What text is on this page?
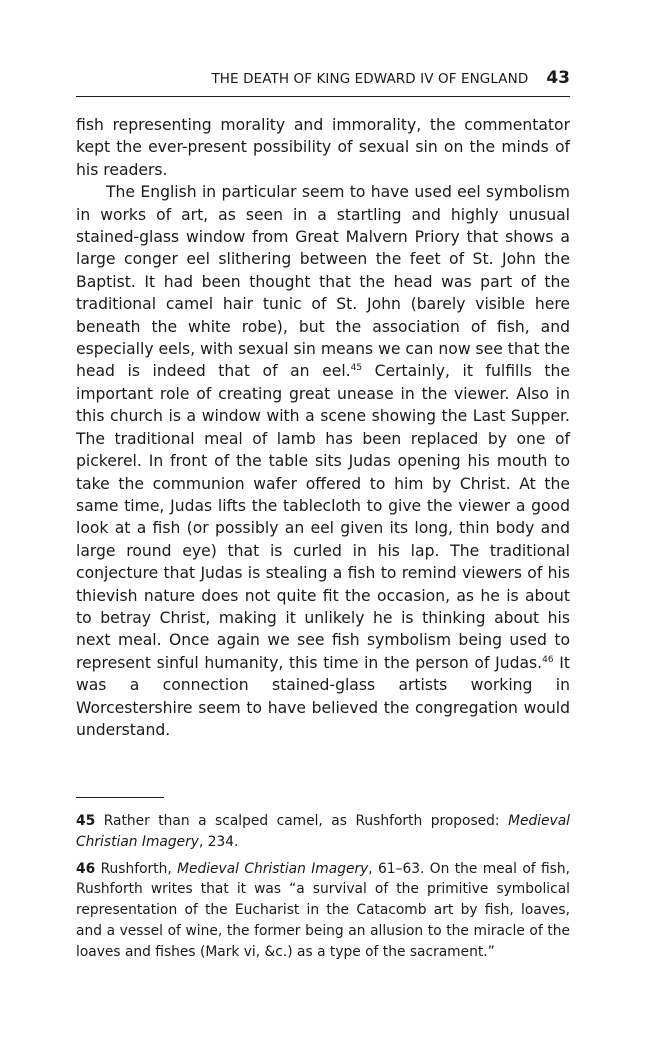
THE DEATH OF KING EDWARD IV OF ENGLAND 43

fish representing morality and immorality, the commentator kept the ever-present possibility of sexual sin on the minds of his readers.

The English in particular seem to have used eel symbolism in works of art, as seen in a startling and highly unusual stained-glass window from Great Malvern Priory that shows a large conger eel slithering between the feet of St. John the Baptist. It had been thought that the head was part of the traditional camel hair tunic of St. John (barely visible here beneath the white robe), but the association of fish, and especially eels, with sexual sin means we can now see that the head is indeed that of an eel.$^{45}$ Certainly, it fulfills the important role of creating great unease in the viewer. Also in this church is a window with a scene showing the Last Supper. The traditional meal of lamb has been replaced by one of pickerel. In front of the table sits Judas opening his mouth to take the communion wafer offered to him by Christ. At the same time, Judas lifts the tablecloth to give the viewer a good look at a fish (or possibly an eel given its long, thin body and large round eye) that is curled in his lap. The traditional conjecture that Judas is stealing a fish to remind viewers of his thievish nature does not quite fit the occasion, as he is about to betray Christ, making it unlikely he is thinking about his next meal. Once again we see fish symbolism being used to represent sinful humanity, this time in the person of Judas.$^{46}$ It was a connection stained-glass artists working in Worcestershire seem to have believed the congregation would understand.

45 Rather than a scalped camel, as Rushforth proposed: Medieval Christian Imagery, 234.

46 Rushforth, Medieval Christian Imagery, 61–63. On the meal of fish, Rushforth writes that it was “a survival of the primitive symbolical representation of the Eucharist in the Catacomb art by fish, loaves, and a vessel of wine, the former being an allusion to the miracle of the loaves and fishes (Mark vi, &c.) as a type of the sacrament.”
